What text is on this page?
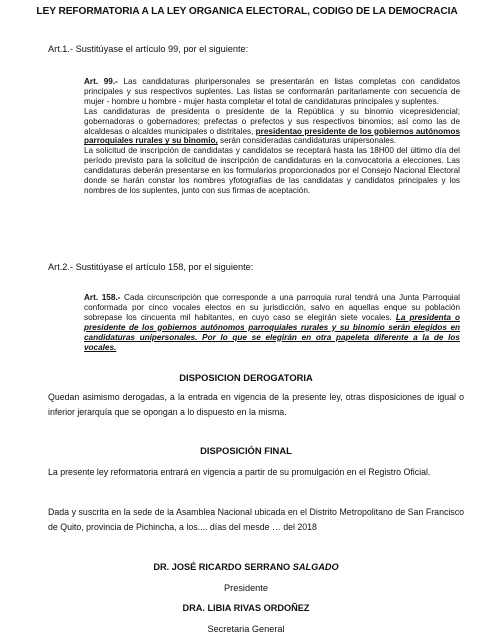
LEY REFORMATORIA A LA LEY ORGANICA ELECTORAL, CODIGO DE LA DEMOCRACIA
Art.1.- Sustitúyase el artículo 99, por el siguiente:

Art. 99.- Las candidaturas pluripersonales se presentarán en listas completas con candidatos principales y sus respectivos suplentes. Las listas se conformarán paritariamente con secuencia de mujer - hombre u hombre - mujer hasta completar el total de candidaturas principales y suplentes.

Las candidaturas de presidenta o presidente de la República y su binomio vicepresidencial; gobernadoras o gobernadores; prefectas o prefectos y sus respectivos binomios; así como las de alcaldesas o alcaldes municipales o distritales, presidentao presidente de los gobiernos autónomos parroquiales rurales y su binomio, serán consideradas candidaturas unipersonales.

La solicitud de inscripción de candidatas y candidatos se receptará hasta las 18H00 del último día del período previsto para la solicitud de inscripción de candidaturas en la convocatoria a elecciones. Las candidaturas deberán presentarse en los formularios proporcionados por el Consejo Nacional Electoral donde se harán constar los nombres yfotografías de las candidatas y candidatos principales y los nombres de los suplentes, junto con sus firmas de aceptación.

Art.2.- Sustitúyase el artículo 158, por el siguiente:

Art. 158.- Cada circunscripción que corresponde a una parroquia rural tendrá una Junta Parroquial conformada por cinco vocales electos en su jurisdicción, salvo en aquellas enque su población sobrepase los cincuenta mil habitantes, en cuyo caso se elegirán siete vocales. La presidenta o presidente de los gobiernos autónomos parroquiales rurales y su binomio serán elegidos en candidaturas unipersonales. Por lo que se elegirán en otra papeleta diferente a la de los vocales.

DISPOSICION DEROGATORIA
Quedan asimismo derogadas, a la entrada en vigencia de la presente ley, otras disposiciones de igual o inferior jerarquía que se opongan a lo dispuesto en la misma.
DISPOSICIÓN FINAL
La presente ley reformatoria entrará en vigencia a partir de su promulgación en el Registro Oficial.
Dada y suscrita en la sede de la Asamblea Nacional ubicada en el Distrito Metropolitano de San Francisco de Quito, provincia de Pichincha, a los.... días del mesde … del 2018
DR. JOSÉ RICARDO SERRANO SALGADO
Presidente
DRA. LIBIA RIVAS ORDOÑEZ
Secretaria General
